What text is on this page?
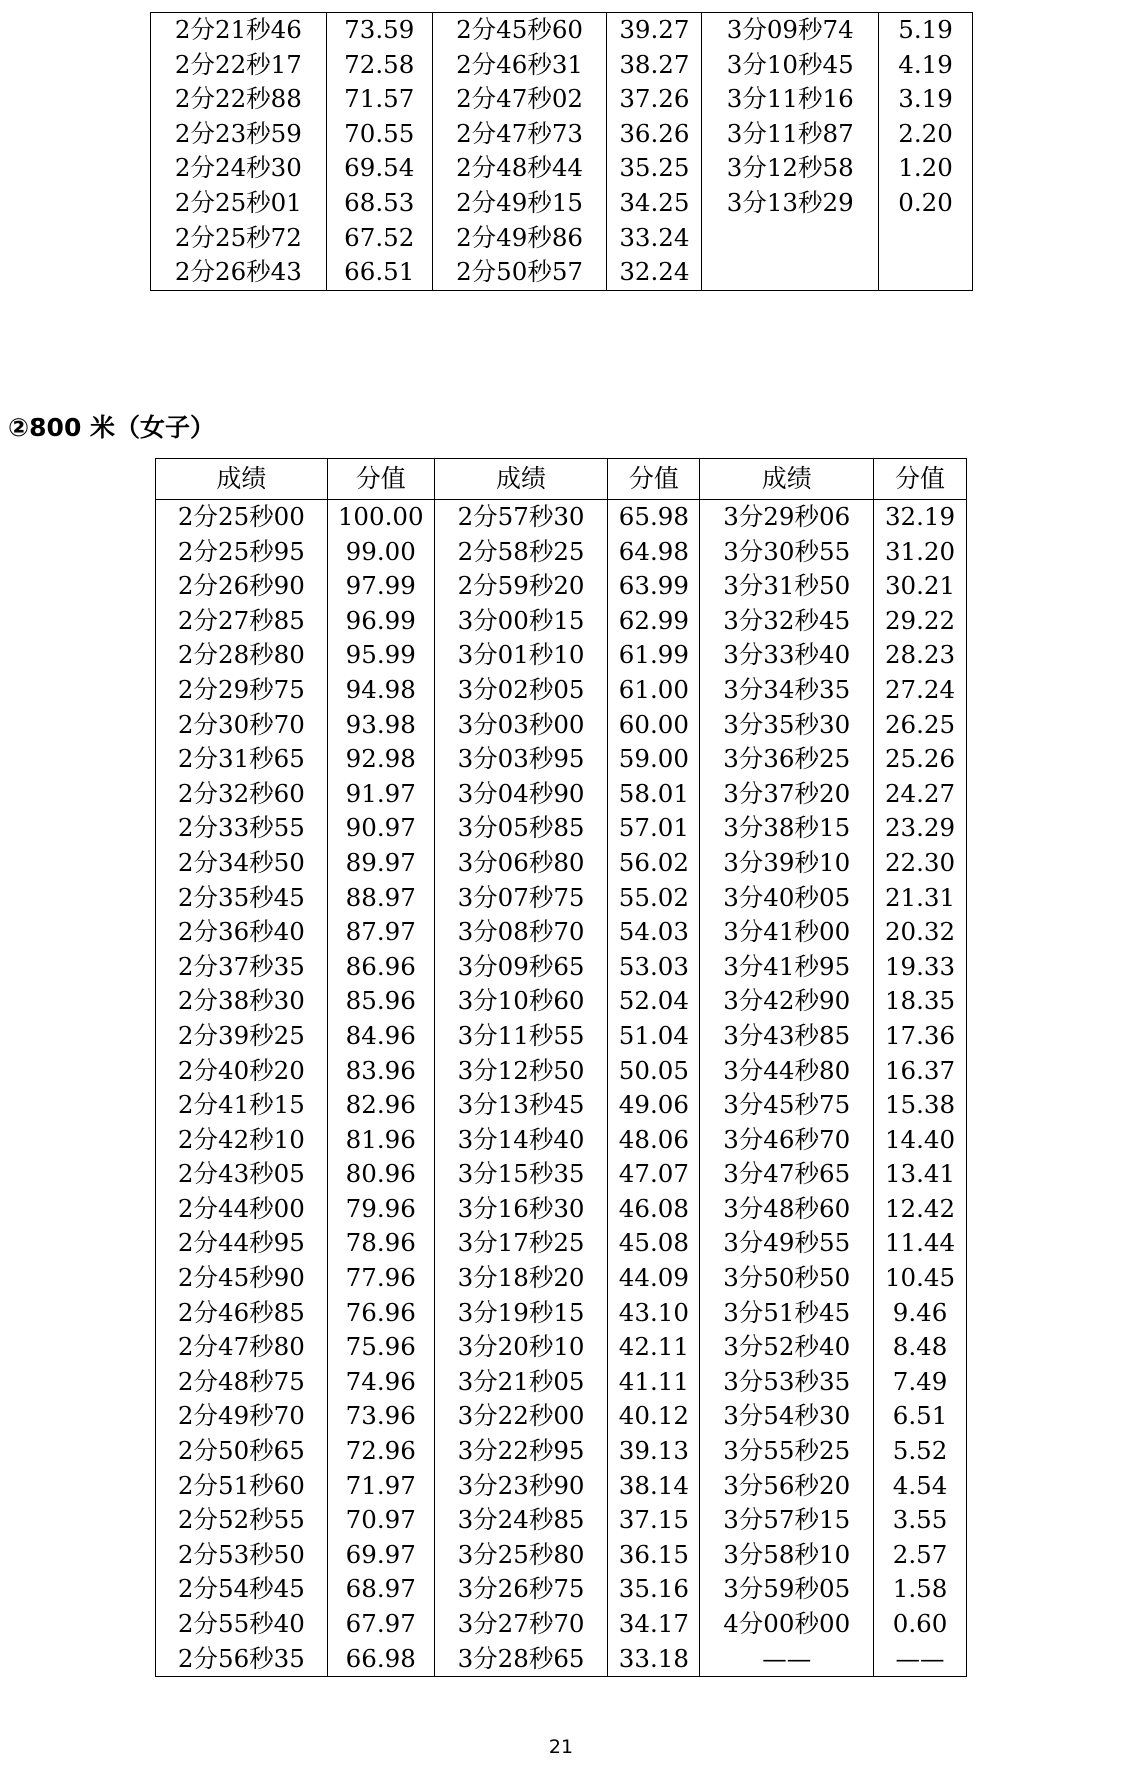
2分21秒46	73.59	2分45秒60	39.27	3分09秒74	5.19
2分22秒17	72.58	2分46秒31	38.27	3分10秒45	4.19
2分22秒88	71.57	2分47秒02	37.26	3分11秒16	3.19
2分23秒59	70.55	2分47秒73	36.26	3分11秒87	2.20
2分24秒30	69.54	2分48秒44	35.25	3分12秒58	1.20
2分25秒01	68.53	2分49秒15	34.25	3分13秒29	0.20
2分25秒72	67.52	2分49秒86	33.24		
2分26秒43	66.51	2分50秒57	32.24		
②800 米（女子）
成绩	分值	成绩	分值	成绩	分值
2分25秒00	100.00	2分57秒30	65.98	3分29秒06	32.19
2分25秒95	99.00	2分58秒25	64.98	3分30秒55	31.20
2分26秒90	97.99	2分59秒20	63.99	3分31秒50	30.21
2分27秒85	96.99	3分00秒15	62.99	3分32秒45	29.22
2分28秒80	95.99	3分01秒10	61.99	3分33秒40	28.23
2分29秒75	94.98	3分02秒05	61.00	3分34秒35	27.24
2分30秒70	93.98	3分03秒00	60.00	3分35秒30	26.25
2分31秒65	92.98	3分03秒95	59.00	3分36秒25	25.26
2分32秒60	91.97	3分04秒90	58.01	3分37秒20	24.27
2分33秒55	90.97	3分05秒85	57.01	3分38秒15	23.29
2分34秒50	89.97	3分06秒80	56.02	3分39秒10	22.30
2分35秒45	88.97	3分07秒75	55.02	3分40秒05	21.31
2分36秒40	87.97	3分08秒70	54.03	3分41秒00	20.32
2分37秒35	86.96	3分09秒65	53.03	3分41秒95	19.33
2分38秒30	85.96	3分10秒60	52.04	3分42秒90	18.35
2分39秒25	84.96	3分11秒55	51.04	3分43秒85	17.36
2分40秒20	83.96	3分12秒50	50.05	3分44秒80	16.37
2分41秒15	82.96	3分13秒45	49.06	3分45秒75	15.38
2分42秒10	81.96	3分14秒40	48.06	3分46秒70	14.40
2分43秒05	80.96	3分15秒35	47.07	3分47秒65	13.41
2分44秒00	79.96	3分16秒30	46.08	3分48秒60	12.42
2分44秒95	78.96	3分17秒25	45.08	3分49秒55	11.44
2分45秒90	77.96	3分18秒20	44.09	3分50秒50	10.45
2分46秒85	76.96	3分19秒15	43.10	3分51秒45	9.46
2分47秒80	75.96	3分20秒10	42.11	3分52秒40	8.48
2分48秒75	74.96	3分21秒05	41.11	3分53秒35	7.49
2分49秒70	73.96	3分22秒00	40.12	3分54秒30	6.51
2分50秒65	72.96	3分22秒95	39.13	3分55秒25	5.52
2分51秒60	71.97	3分23秒90	38.14	3分56秒20	4.54
2分52秒55	70.97	3分24秒85	37.15	3分57秒15	3.55
2分53秒50	69.97	3分25秒80	36.15	3分58秒10	2.57
2分54秒45	68.97	3分26秒75	35.16	3分59秒05	1.58
2分55秒40	67.97	3分27秒70	34.17	4分00秒00	0.60
2分56秒35	66.98	3分28秒65	33.18	——	——
21
